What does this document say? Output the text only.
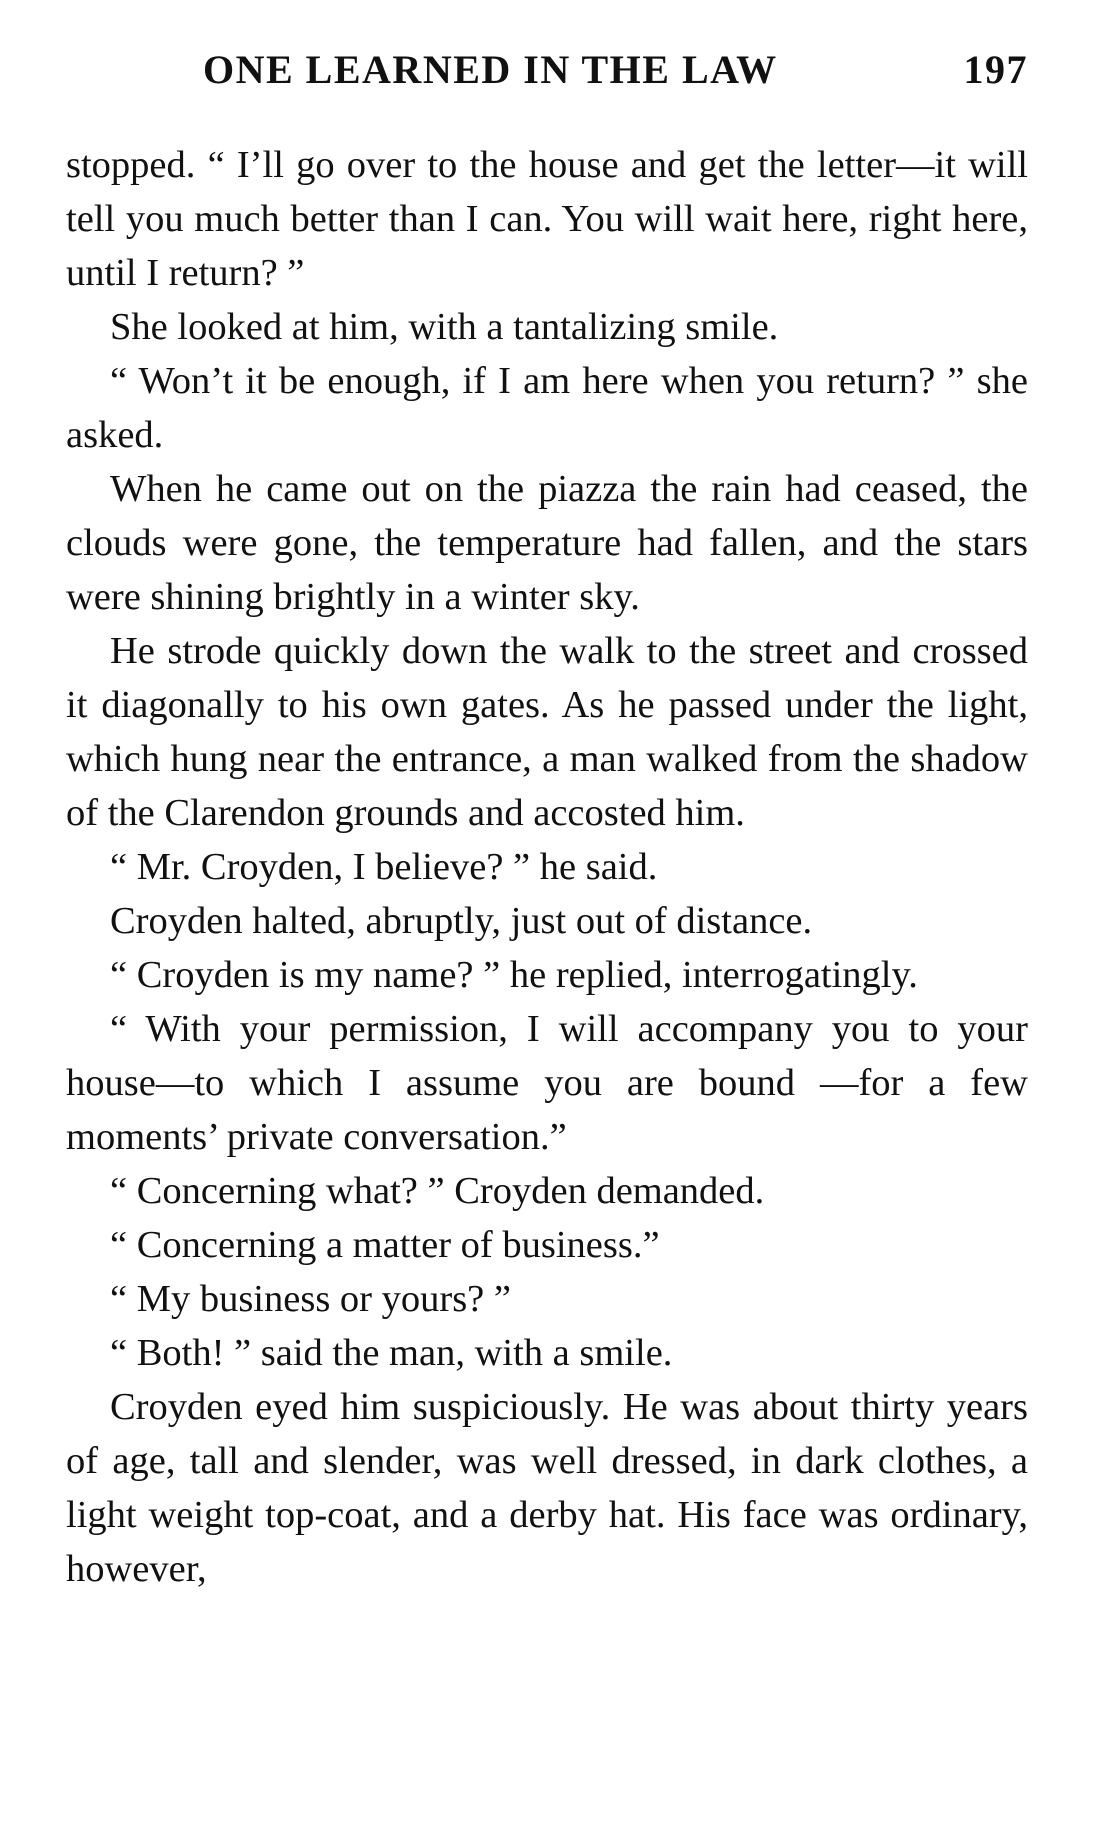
ONE LEARNED IN THE LAW	197

stopped. “ I’ll go over to the house and get the letter—it will tell you much better than I can. You will wait here, right here, until I return? ”

She looked at him, with a tantalizing smile.

“ Won’t it be enough, if I am here when you return? ” she asked.

When he came out on the piazza the rain had ceased, the clouds were gone, the temperature had fallen, and the stars were shining brightly in a winter sky.

He strode quickly down the walk to the street and crossed it diagonally to his own gates. As he passed under the light, which hung near the entrance, a man walked from the shadow of the Clarendon grounds and accosted him.

“ Mr. Croyden, I believe? ” he said.

Croyden halted, abruptly, just out of distance.

“ Croyden is my name? ” he replied, interrogatingly.

“ With your permission, I will accompany you to your house—to which I assume you are bound —for a few moments’ private conversation.”

“ Concerning what? ” Croyden demanded.

“ Concerning a matter of business.”

“ My business or yours? ”

“ Both! ” said the man, with a smile.

Croyden eyed him suspiciously. He was about thirty years of age, tall and slender, was well dressed, in dark clothes, a light weight top-coat, and a derby hat. His face was ordinary, however,
